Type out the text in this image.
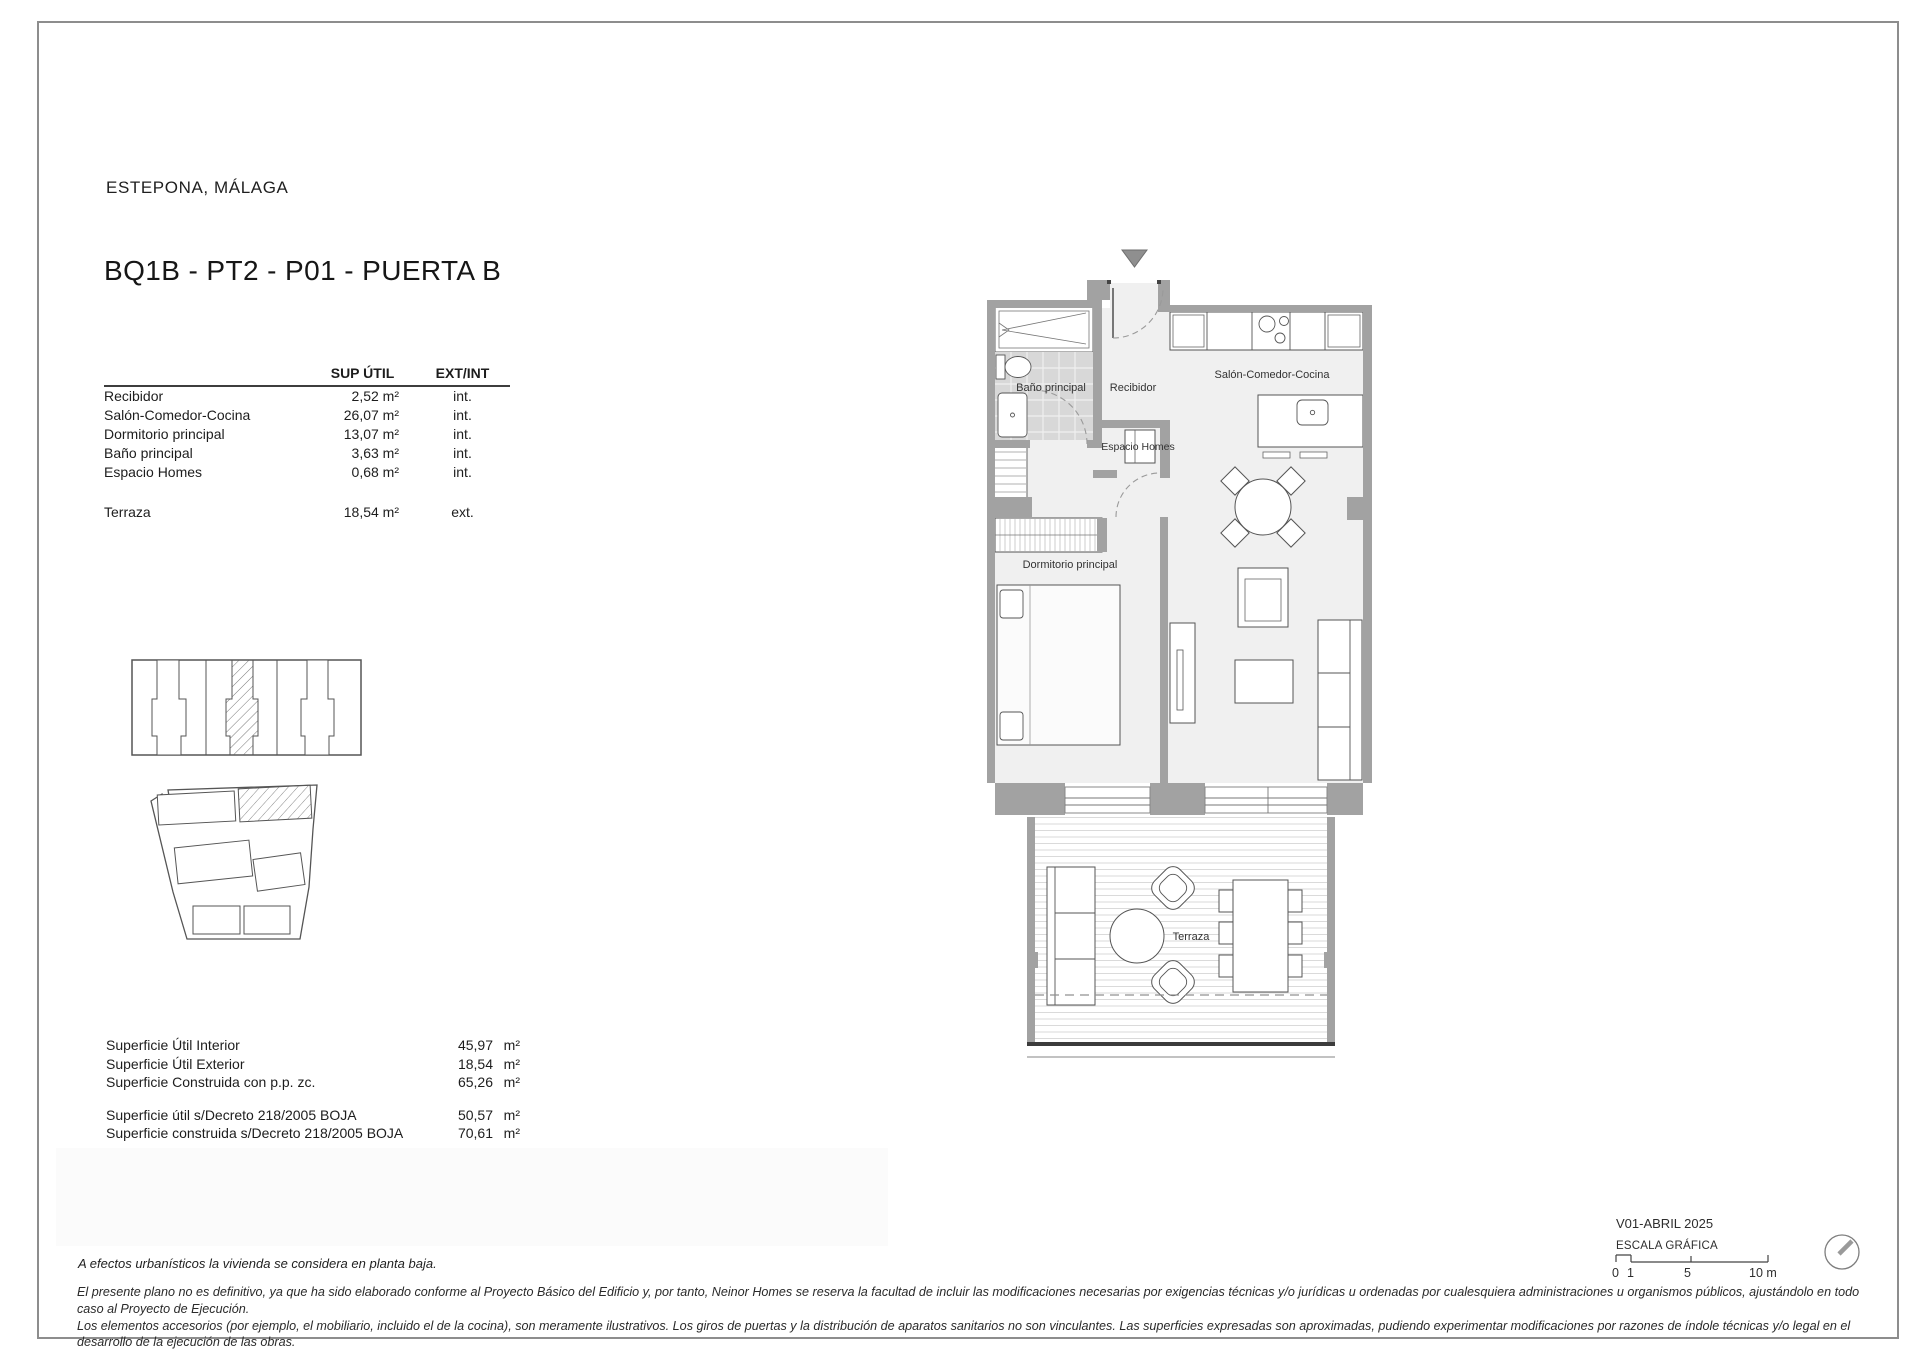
ESTEPONA, MÁLAGA
BQ1B - PT2 - P01 - PUERTA B
SUP ÚTIL	EXT/INT
Recibidor	2,52 m²	int.
Salón-Comedor-Cocina	26,07 m²	int.
Dormitorio principal	13,07 m²	int.
Baño principal	3,63 m²	int.
Espacio Homes	0,68 m²	int.
Terraza	18,54 m²	ext.
Baño principal Recibidor
Salón-Comedor-Cocina
Espacio Homes
Dormitorio principal
Terraza
Superficie Útil Interior	45,97 m²
Superficie Útil Exterior	18,54 m²
Superficie Construida con p.p. zc.	65,26 m²
Superficie útil s/Decreto 218/2005 BOJA	50,57 m²
Superficie construida s/Decreto 218/2005 BOJA	70,61 m²
A efectos urbanísticos la vivienda se considera en planta baja.
El presente plano no es definitivo, ya que ha sido elaborado conforme al Proyecto Básico del Edificio y, por tanto, Neinor Homes se reserva la facultad de incluir las modificaciones necesarias por exigencias técnicas y/o jurídicas u ordenadas por cualesquiera administraciones u organismos públicos, ajustándolo en todo caso al Proyecto de Ejecución.
Los elementos accesorios (por ejemplo, el mobiliario, incluido el de la cocina), son meramente ilustrativos. Los giros de puertas y la distribución de aparatos sanitarios no son vinculantes. Las superficies expresadas son aproximadas, pudiendo experimentar modificaciones por razones de índole técnicas y/o legal en el desarrollo de la ejecución de las obras.
V01-ABRIL 2025
ESCALA GRÁFICA
0 1	5	10 m
